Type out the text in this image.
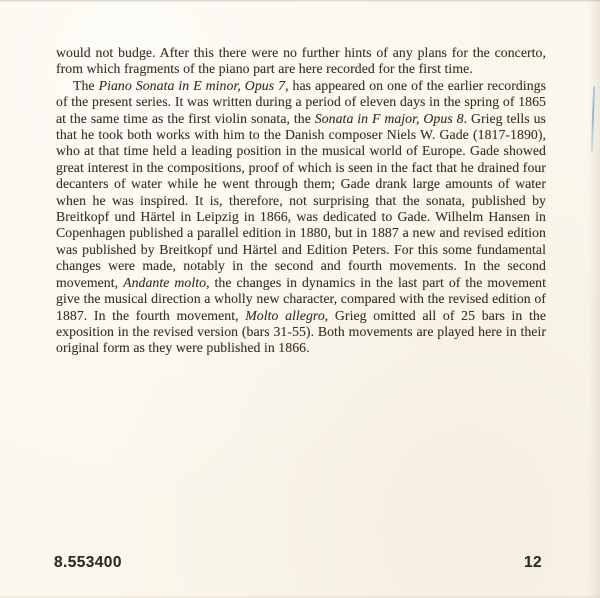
would not budge. After this there were no further hints of any plans for the concerto, from which fragments of the piano part are here recorded for the first time.

The Piano Sonata in E minor, Opus 7, has appeared on one of the earlier recordings of the present series. It was written during a period of eleven days in the spring of 1865 at the same time as the first violin sonata, the Sonata in F major, Opus 8. Grieg tells us that he took both works with him to the Danish composer Niels W. Gade (1817-1890), who at that time held a leading position in the musical world of Europe. Gade showed great interest in the compositions, proof of which is seen in the fact that he drained four decanters of water while he went through them; Gade drank large amounts of water when he was inspired. It is, therefore, not surprising that the sonata, published by Breitkopf und Härtel in Leipzig in 1866, was dedicated to Gade. Wilhelm Hansen in Copenhagen published a parallel edition in 1880, but in 1887 a new and revised edition was published by Breitkopf und Härtel and Edition Peters. For this some fundamental changes were made, notably in the second and fourth movements. In the second movement, Andante molto, the changes in dynamics in the last part of the movement give the musical direction a wholly new character, compared with the revised edition of 1887. In the fourth movement, Molto allegro, Grieg omitted all of 25 bars in the exposition in the revised version (bars 31-55). Both movements are played here in their original form as they were published in 1866.

8.553400	12
